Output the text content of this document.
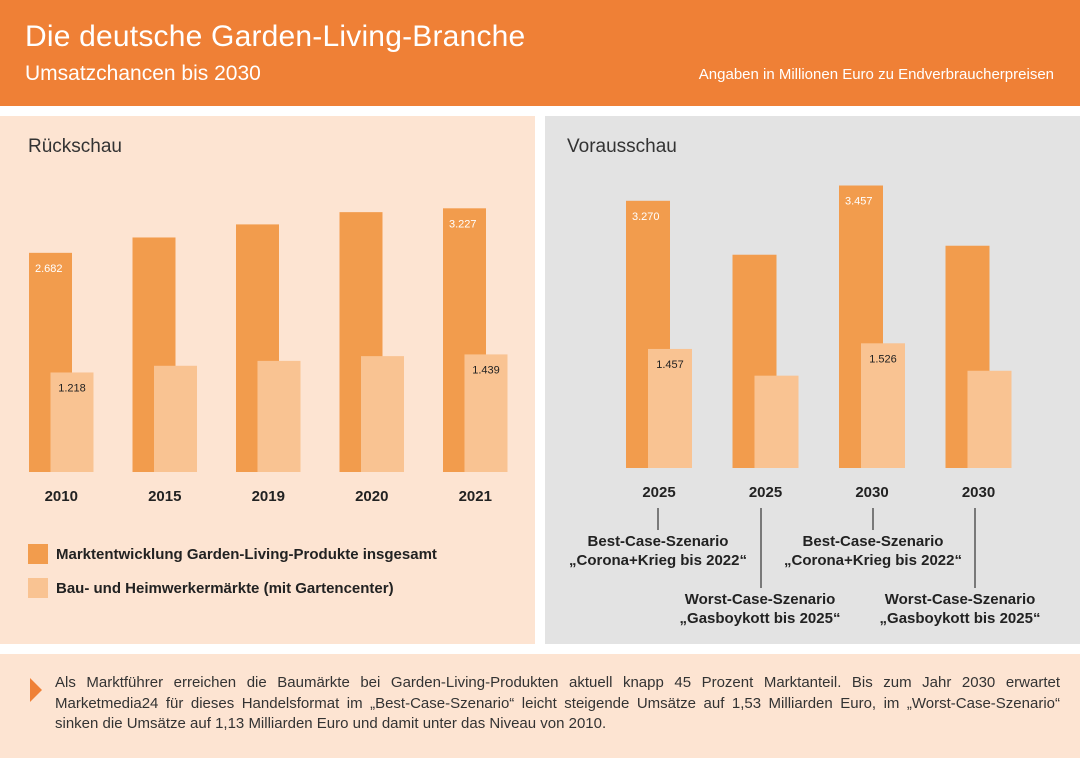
Die deutsche Garden-Living-Branche
Umsatzchancen bis 2030	Angaben in Millionen Euro zu Endverbraucherpreisen
Rückschau
2010	2015	2019	2020	2021
2.682
3.227
1.218
1.439
Marktentwicklung Garden-Living-Produkte insgesamt
Bau- und Heimwerkermärkte (mit Gartencenter)
Vorausschau
2025	2025	2030	2030
3.270
3.457
1.457	1.526
Best-Case-Szenario
„Corona+Krieg bis 2022“
Worst-Case-Szenario
„Gasboykott bis 2025“
Best-Case-Szenario
„Corona+Krieg bis 2022“
Worst-Case-Szenario
„Gasboykott bis 2025“
Als Marktführer erreichen die Baumärkte bei Garden-Living-Produkten aktuell knapp 45 Prozent Marktanteil. Bis zum Jahr 2030 erwartet Marketmedia24 für dieses Handelsformat im „Best-Case-Szenario“ leicht steigende Umsätze auf 1,53 Milliarden Euro, im „Worst-Case-Szenario“ sinken die Umsätze auf 1,13 Milliarden Euro und damit unter das Niveau von 2010.
